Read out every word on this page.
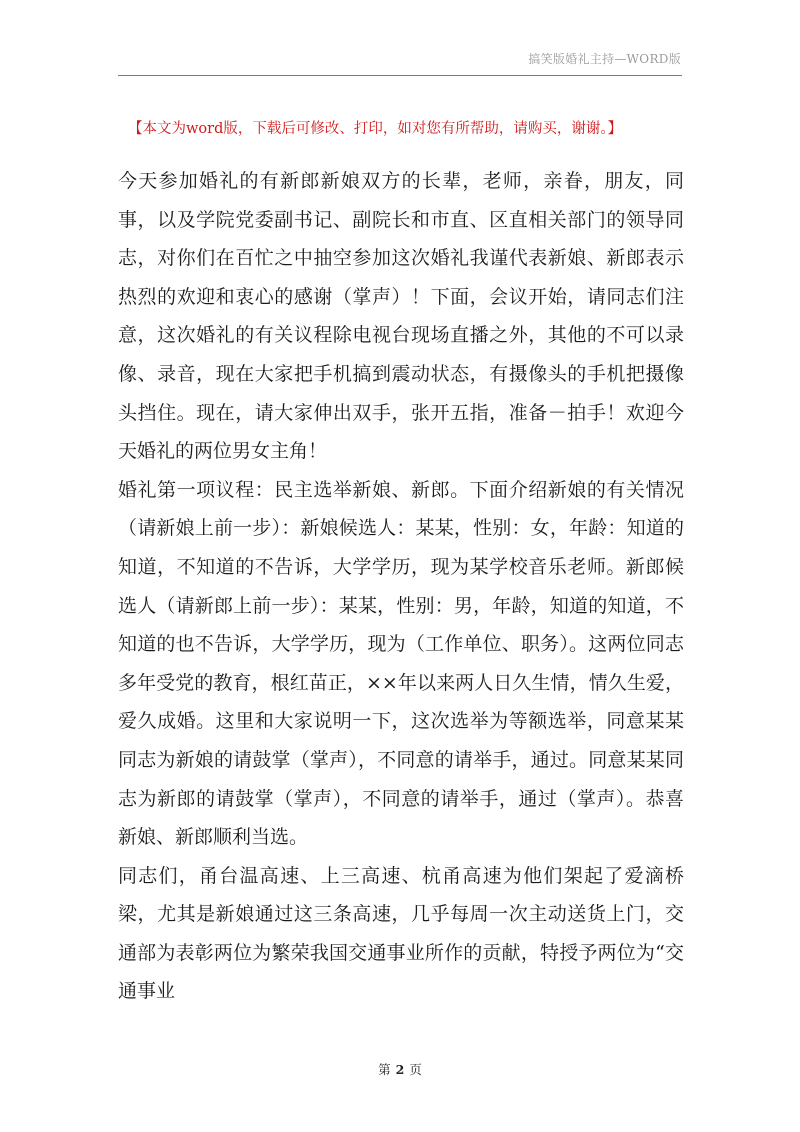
搞笑版婚礼主持—WORD版
【本文为word版，下载后可修改、打印，如对您有所帮助，请购买，谢谢。】

今天参加婚礼的有新郎新娘双方的长辈，老师，亲眷，朋友，同事，以及学院党委副书记、副院长和市直、区直相关部门的领导同志，对你们在百忙之中抽空参加这次婚礼我谨代表新娘、新郎表示热烈的欢迎和衷心的感谢（掌声）！下面，会议开始，请同志们注意，这次婚礼的有关议程除电视台现场直播之外，其他的不可以录像、录音，现在大家把手机搞到震动状态，有摄像头的手机把摄像头挡住。现在，请大家伸出双手，张开五指，准备－拍手！欢迎今天婚礼的两位男女主角！

婚礼第一项议程：民主选举新娘、新郎。下面介绍新娘的有关情况（请新娘上前一步）：新娘候选人：某某，性别：女，年龄：知道的知道，不知道的不告诉，大学学历，现为某学校音乐老师。新郎候选人（请新郎上前一步）：某某，性别：男，年龄，知道的知道，不知道的也不告诉，大学学历，现为（工作单位、职务）。这两位同志多年受党的教育，根红苗正，××年以来两人日久生情，情久生爱，爱久成婚。这里和大家说明一下，这次选举为等额选举，同意某某同志为新娘的请鼓掌（掌声），不同意的请举手，通过。同意某某同志为新郎的请鼓掌（掌声），不同意的请举手，通过（掌声）。恭喜新娘、新郎顺利当选。

同志们，甬台温高速、上三高速、杭甬高速为他们架起了爱滴桥梁，尤其是新娘通过这三条高速，几乎每周一次主动送货上门，交通部为表彰两位为繁荣我国交通事业所作的贡献，特授予两位为“交通事业

第 2 页
